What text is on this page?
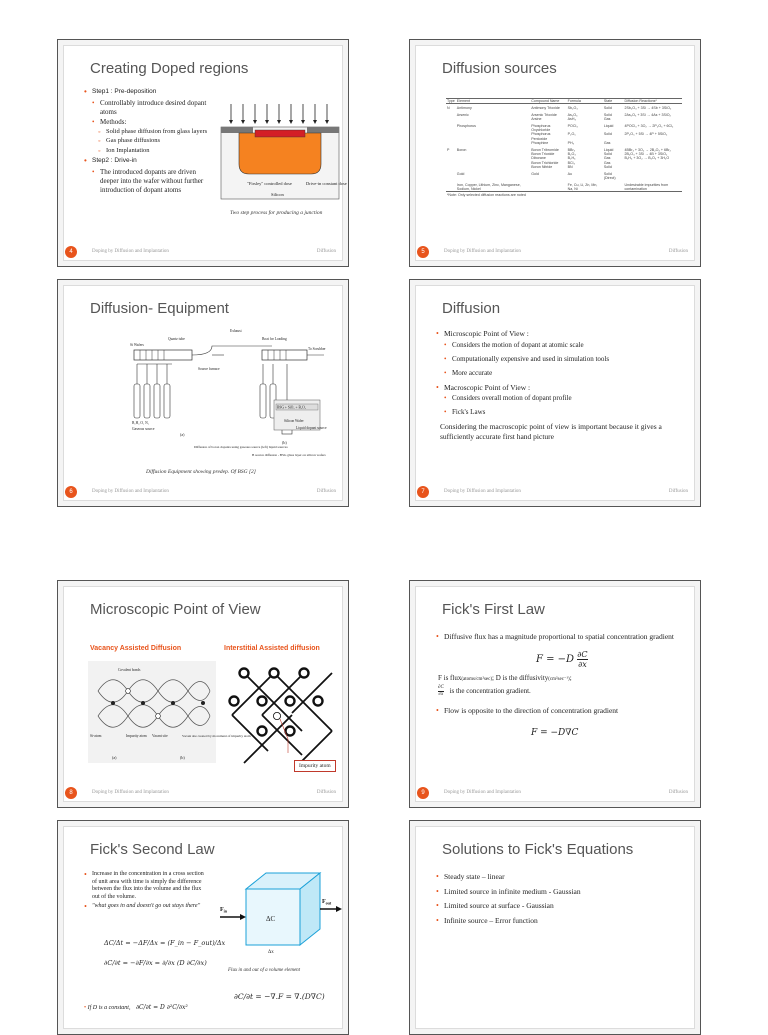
Creating Doped regions
• Step1 : Pre-deposition
• Controllably introduce desired dopant atoms
• Methods:
◦ Solid phase diffusion from glass layers
◦ Gas phase diffusions
◦ Ion Implantation
• Step2 : Drive-in
• The introduced dopants are driven deeper into the wafer without further introduction of dopant atoms
"Firsley" controlled dose
Silicon
Drive-in constant dose
Two step process for producing a junction
4	Doping by Diffusion and Implantation	Diffusion
Diffusion sources
Type	Element	Compound Name	Formula	State	Diffusion Reactions*
N	Antimony	Antimony Trioxide	Sb₂O₃	Solid	2Sb₂O₃ + 3Si → 4Sb + 3SiO₂
	Arsenic	Arsenic Trioxide	As₂O₃	Solid	2As₂O₃ + 3Si → 4As + 3SiO₂
		Arsine	AsH₃	Gas	
	Phosphorus	Phosphorus Oxychloride	POCl₃	Liquid	4POCl₃ + 3O₂ → 2P₂O₅ + 6Cl₂
		Phosphorus Pentoxide	P₂O₅	Solid	2P₂O₅ + 5Si → 4P + 5SiO₂
		Phosphine	PH₃	Gas	
P	Boron	Boron Tribromide	BBr₃	Liquid	4BBr₃ + 3O₂ → 2B₂O₃ + 6Br₂
		Boron Trioxide	B₂O₃	Solid	2B₂O₃ + 3Si → 4B + 3SiO₂
		Diborane	B₂H₆	Gas	B₂H₆ + 3O₂ → B₂O₃ + 3H₂O
		Boron Trichloride	BCl₃	Gas	
		Boron Nitride	BN	Solid	
	Gold	Gold	Au	Solid (Direct)	
	Iron, Copper, Lithium, Zinc, Manganese, Sodium, Nickel		Fe, Cu, Li, Zn, Mn, Na, Ni		Undesirable impurities from contamination
*Note: Only selected diffusion reactions are noted					
5	Doping by Diffusion and Implantation	Diffusion
Diffusion- Equipment
BSG + SiO₂ + B₂O₃
Silicon Wafer
Exhaust
Quartz tube
Si Wafers
Boat for Loading
To Scrubber
Source furnace
Liquid dopant source
B₂H₆ O₂ N₂
Gaseous source
(a)
(b)
Diffusion of boron dopants using gaseous source (left) liquid sources
B source diffusion - BSG glass layer on silicon wafers
Diffusion Equipment showing predep. Of BSG [2]
6	Doping by Diffusion and Implantation	Diffusion
Diffusion
• Microscopic Point of View :
• Considers the motion of dopant at atomic scale
• Computationally expensive and used in simulation tools
• More accurate
• Macroscopic Point of View :
• Considers overall motion of dopant profile
• Fick's Laws
Considering the macroscopic point of view is important because it gives a sufficiently accurate first hand picture
7	Doping by Diffusion and Implantation	Diffusion
Microscopic Point of View
Vacancy Assisted Diffusion	Interstitial Assisted diffusion
Covalent bonds
Si-atom	Impurity atom Vacant site	Vacant site created by movement of impurity atom
(a)	(b)
Impurity atom
8	Doping by Diffusion and Implantation	Diffusion
Fick's First Law
• Diffusive flux has a magnitude proportional to spatial concentration gradient
$F = -D \frac{\partial C}{\partial x}$
F is flux(atoms/cm²sec); D is the diffusivity(cm²sec⁻¹);
$\frac{\partial C}{\partial x}$ is the concentration gradient.
• Flow is opposite to the direction of concentration gradient
F = −D∇C
9	Doping by Diffusion and Implantation	Diffusion
Fick's Second Law
• Increase in the concentration in a cross section of unit area with time is simply the difference between the flux into the volume and the flux out of the volume.
• "what goes in and doesn't go out stays there"
ΔC/Δt = −ΔF/Δx = (F_in − F_out)/Δx
∂C/∂t = −∂F/∂x = ∂/∂x (D ∂C/∂x)
• If D is a constant, ∂C/∂t = D ∂²C/∂x²
ΔC
Δx
$F_{in}$
$F_{out}$
Flux in and out of a volume element
∂C/∂t = −∇.F = ∇.(D∇C)
Solutions to Fick's Equations
• Steady state – linear
• Limited source in infinite medium - Gaussian
• Limited source at surface - Gaussian
• Infinite source – Error function
